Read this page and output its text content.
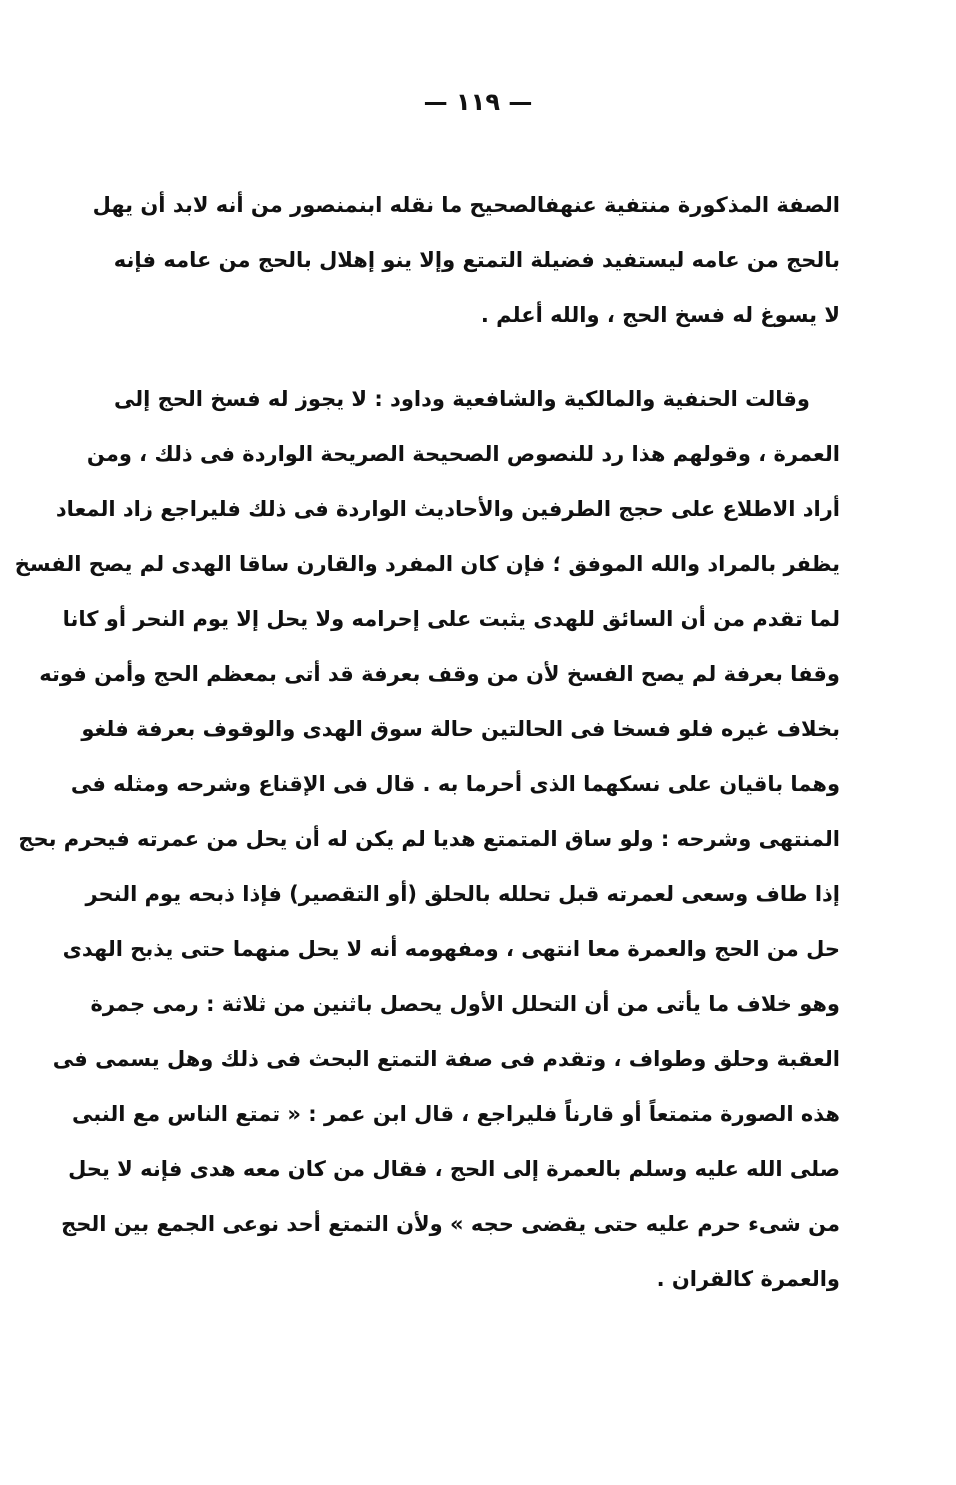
— ١١٩ —
الصفة المذكورة منتفية عنهفالصحيح ما نقله ابنمنصور من أنه لابد أن يهل
بالحج من عامه ليستفيد فضيلة التمتع وإلا ينو إهلال بالحج من عامه فإنه
لا يسوغ له فسخ الحج ، والله أعلم .
وقالت الحنفية والمالكية والشافعية وداود : لا يجوز له فسخ الحج إلى
العمرة ، وقولهم هذا رد للنصوص الصحيحة الصريحة الواردة فى ذلك ، ومن
أراد الاطلاع على حجج الطرفين والأحاديث الواردة فى ذلك فليراجع زاد المعاد
يظفر بالمراد والله الموفق ؛ فإن كان المفرد والقارن ساقا الهدى لم يصح الفسخ
لما تقدم من أن السائق للهدى يثبت على إحرامه ولا يحل إلا يوم النحر أو كانا
وقفا بعرفة لم يصح الفسخ لأن من وقف بعرفة قد أتى بمعظم الحج وأمن فوته
بخلاف غيره فلو فسخا فى الحالتين حالة سوق الهدى والوقوف بعرفة فلغو
وهما باقيان على نسكهما الذى أحرما به . قال فى الإقناع وشرحه ومثله فى
المنتهى وشرحه : ولو ساق المتمتع هديا لم يكن له أن يحل من عمرته فيحرم بحج
إذا طاف وسعى لعمرته قبل تحلله بالحلق (أو التقصير) فإذا ذبحه يوم النحر
حل من الحج والعمرة معا انتهى ، ومفهومه أنه لا يحل منهما حتى يذبح الهدى
وهو خلاف ما يأتى من أن التحلل الأول يحصل باثنين من ثلاثة : رمى جمرة
العقبة وحلق وطواف ، وتقدم فى صفة التمتع البحث فى ذلك وهل يسمى فى
هذه الصورة متمتعاً أو قارناً فليراجع ، قال ابن عمر : « تمتع الناس مع النبى
صلى الله عليه وسلم بالعمرة إلى الحج ، فقال من كان معه هدى فإنه لا يحل
من شىء حرم عليه حتى يقضى حجه » ولأن التمتع أحد نوعى الجمع بين الحج
والعمرة كالقران .
